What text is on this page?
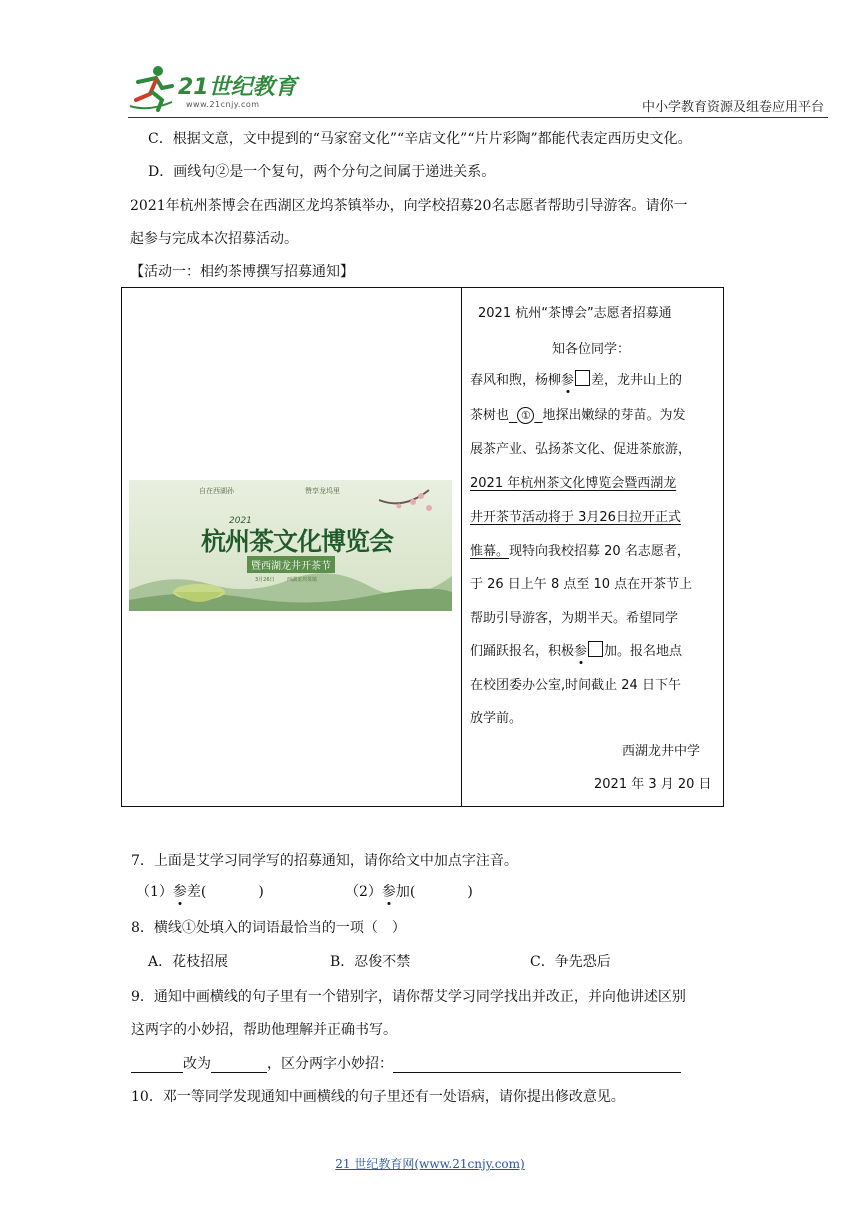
21世纪教育
www.21cnjy.com	中小学教育资源及组卷应用平台
C．根据文意，文中提到的“马家窑文化”“辛店文化”“片片彩陶”都能代表定西历史文化。
D．画线句②是一个复句，两个分句之间属于递进关系。
2021年杭州茶博会在西湖区龙坞茶镇举办，向学校招募20名志愿者帮助引导游客。请你一
起参与完成本次招募活动。
【活动一：相约茶博撰写招募通知】
自在西湖孙	赞享龙坞里
2021
杭州茶文化博览会
暨西湖龙井开茶节
3月26日 西湖龙坞茶镇
2021 杭州“茶博会”志愿者招募通
知各位同学：
春风和煦，杨柳参 差，龙井山上的
茶树也 ① 地探出嫩绿的芽苗。为发
展茶产业、弘扬茶文化、促进茶旅游，
2021 年杭州茶文化博览会暨西湖龙
井开茶节活动将于 3月26日拉开正式
惟幕。现特向我校招募 20 名志愿者，
于 26 日上午 8 点至 10 点在开茶节上
帮助引导游客，为期半天。希望同学
们踊跃报名，积极参 加。报名地点
在校团委办公室,时间截止 24 日下午
放学前。
西湖龙井中学
2021 年 3 月 20 日
7．上面是艾学习同学写的招募通知，请你给文中加点字注音。
（1）参差(	)	（2）参加(	)
8．横线①处填入的词语最恰当的一项（　）
A．花枝招展	B．忍俊不禁	C．争先恐后
9．通知中画横线的句子里有一个错别字，请你帮艾学习同学找出并改正，并向他讲述区别
这两字的小妙招，帮助他理解并正确书写。
改为	，区分两字小妙招：
10．邓一等同学发现通知中画横线的句子里还有一处语病，请你提出修改意见。
21 世纪教育网(www.21cnjy.com)
